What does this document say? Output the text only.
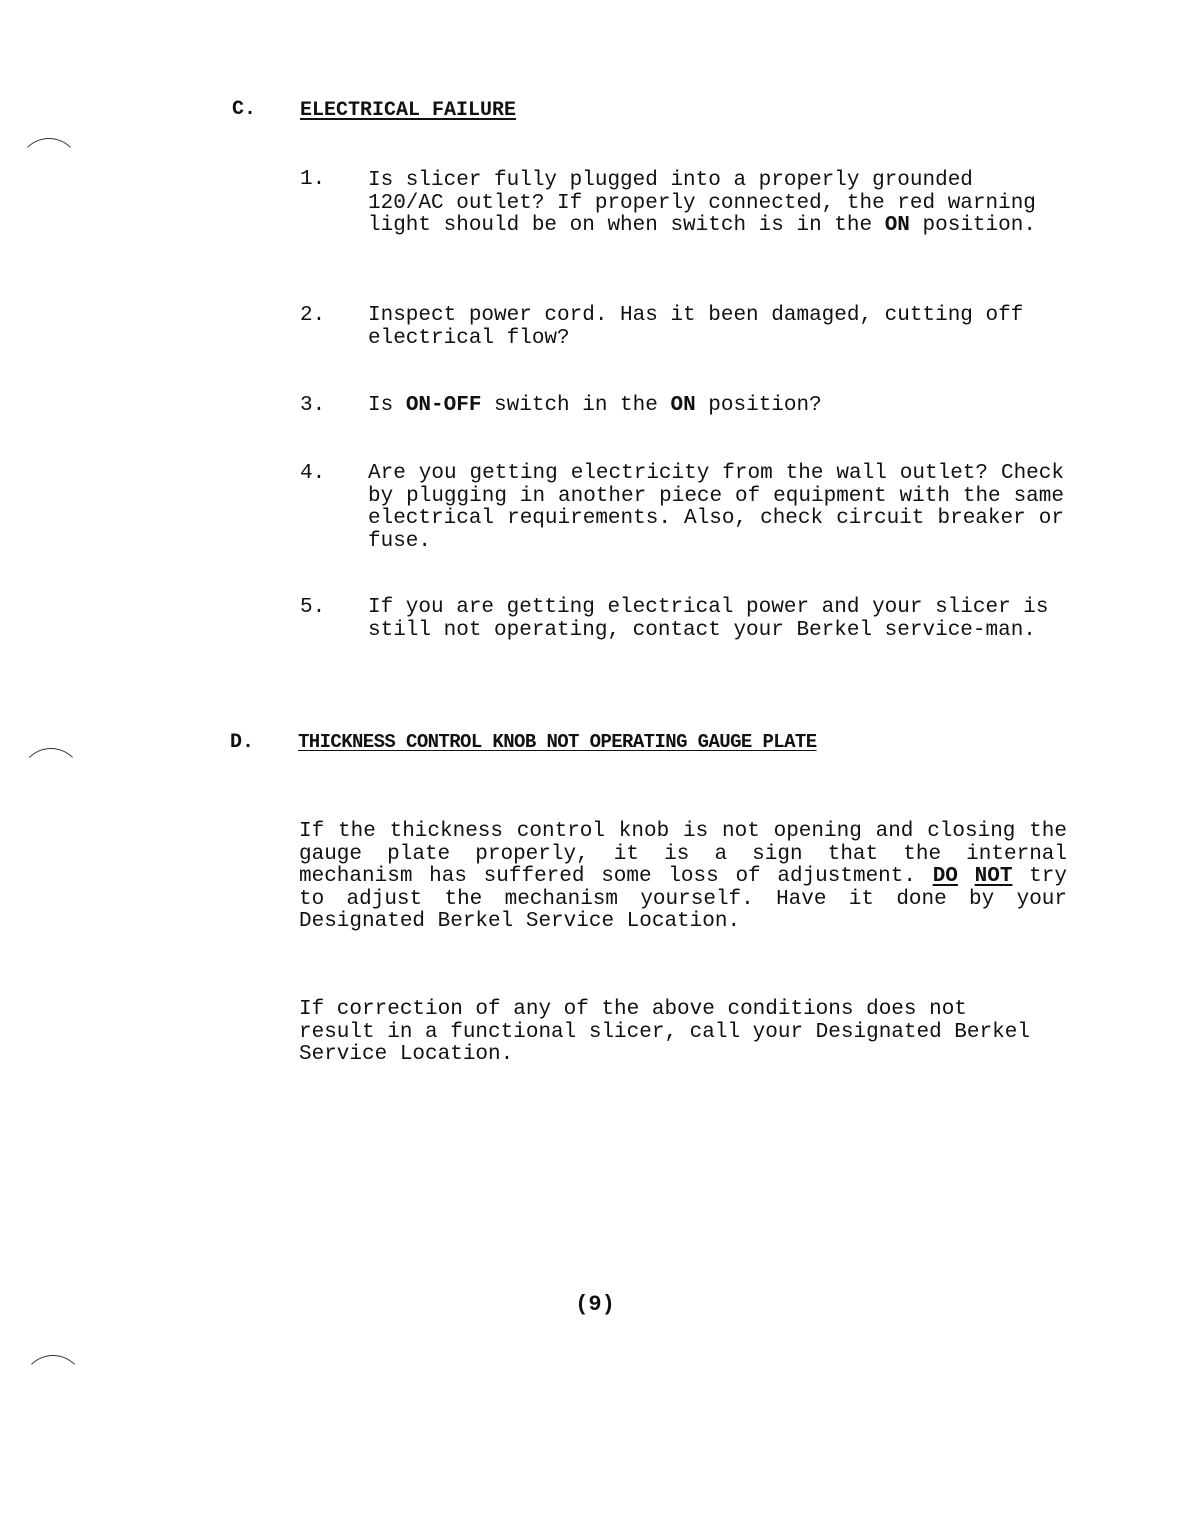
C. ELECTRICAL FAILURE
1. Is slicer fully plugged into a properly grounded 120/AC outlet? If properly connected, the red warning light should be on when switch is in the ON position.
2. Inspect power cord. Has it been damaged, cutting off electrical flow?
3. Is ON-OFF switch in the ON position?
4. Are you getting electricity from the wall outlet? Check by plugging in another piece of equipment with the same electrical requirements. Also, check circuit breaker or fuse.
5. If you are getting electrical power and your slicer is still not operating, contact your Berkel service-man.
D. THICKNESS CONTROL KNOB NOT OPERATING GAUGE PLATE
If the thickness control knob is not opening and closing the gauge plate properly, it is a sign that the internal mechanism has suffered some loss of adjustment. DO NOT try to adjust the mechanism yourself. Have it done by your Designated Berkel Service Location.
If correction of any of the above conditions does not result in a functional slicer, call your Designated Berkel Service Location.
(9)
